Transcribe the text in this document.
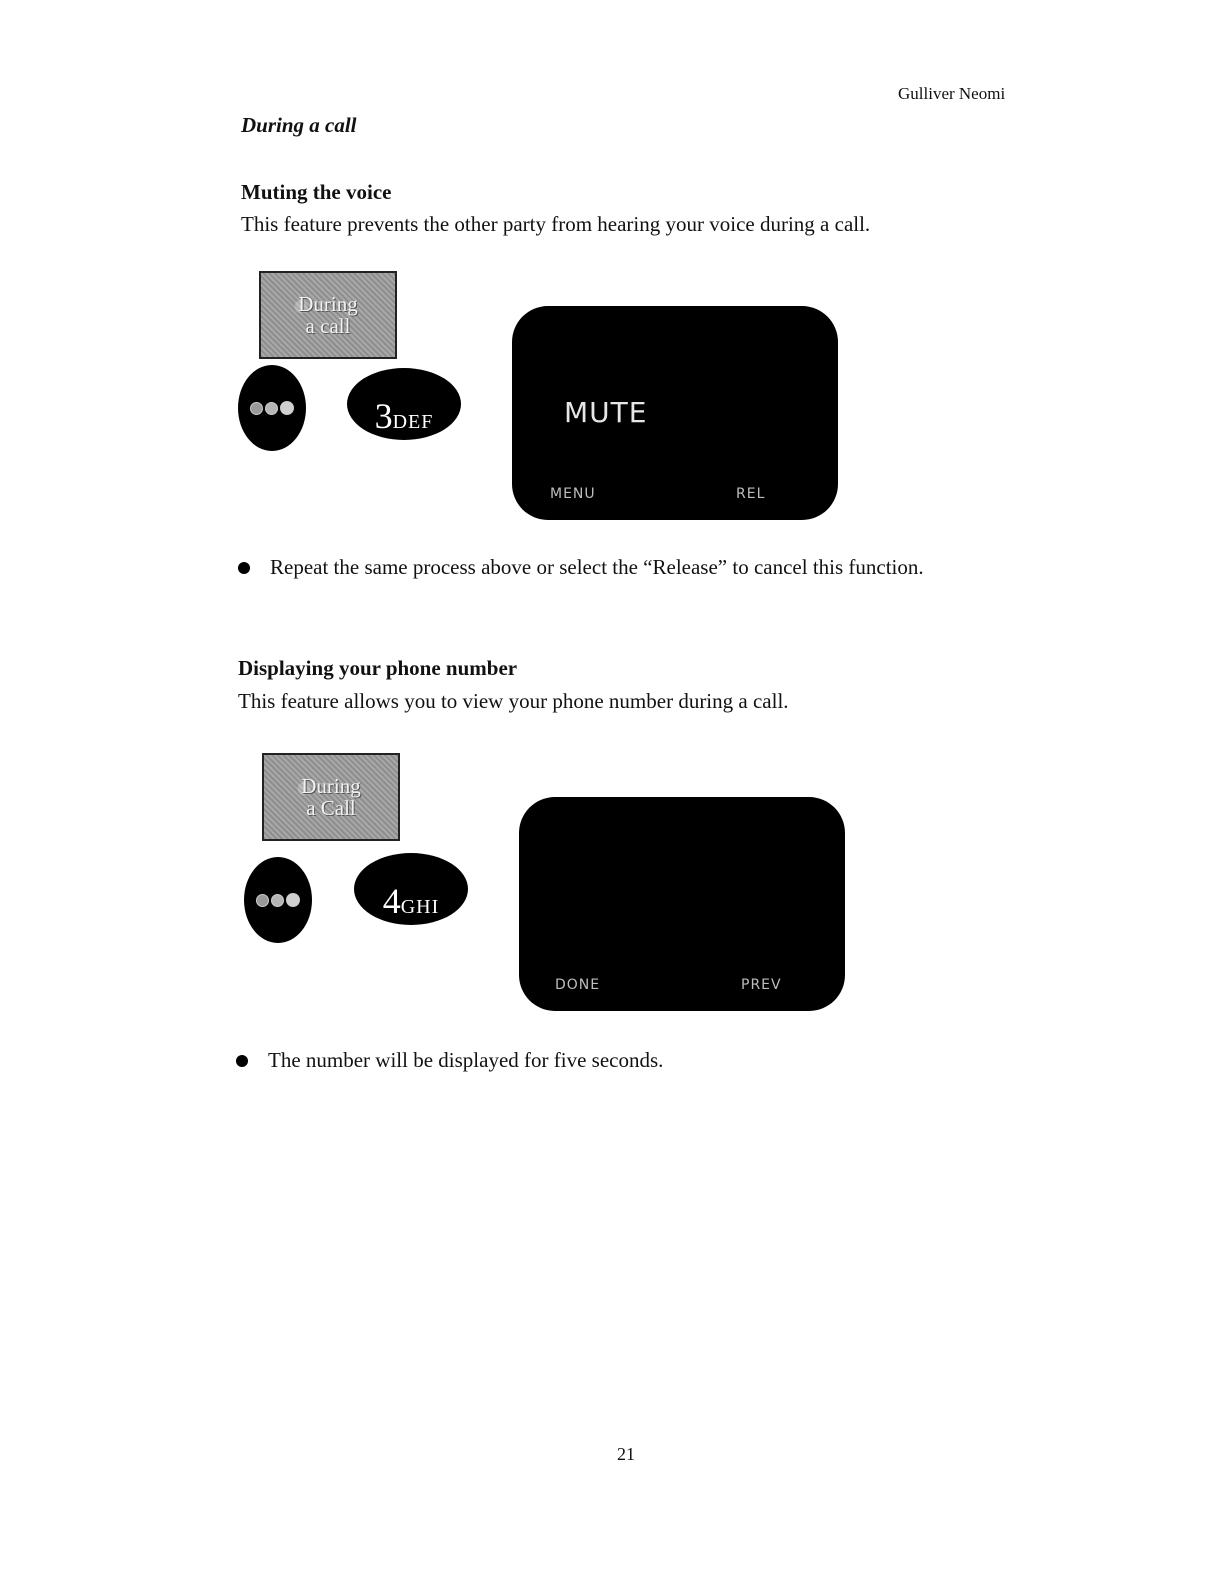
Gulliver Neomi
During a call
Muting the voice
This feature prevents the other party from hearing your voice during a call.
During
a call
3 DEF	MUTE
MENU	REL
Repeat the same process above or select the “Release” to cancel this function.
Displaying your phone number
This feature allows you to view your phone number during a call.
During
a Call
4 GHI
DONE	PREV
The number will be displayed for five seconds.
21
